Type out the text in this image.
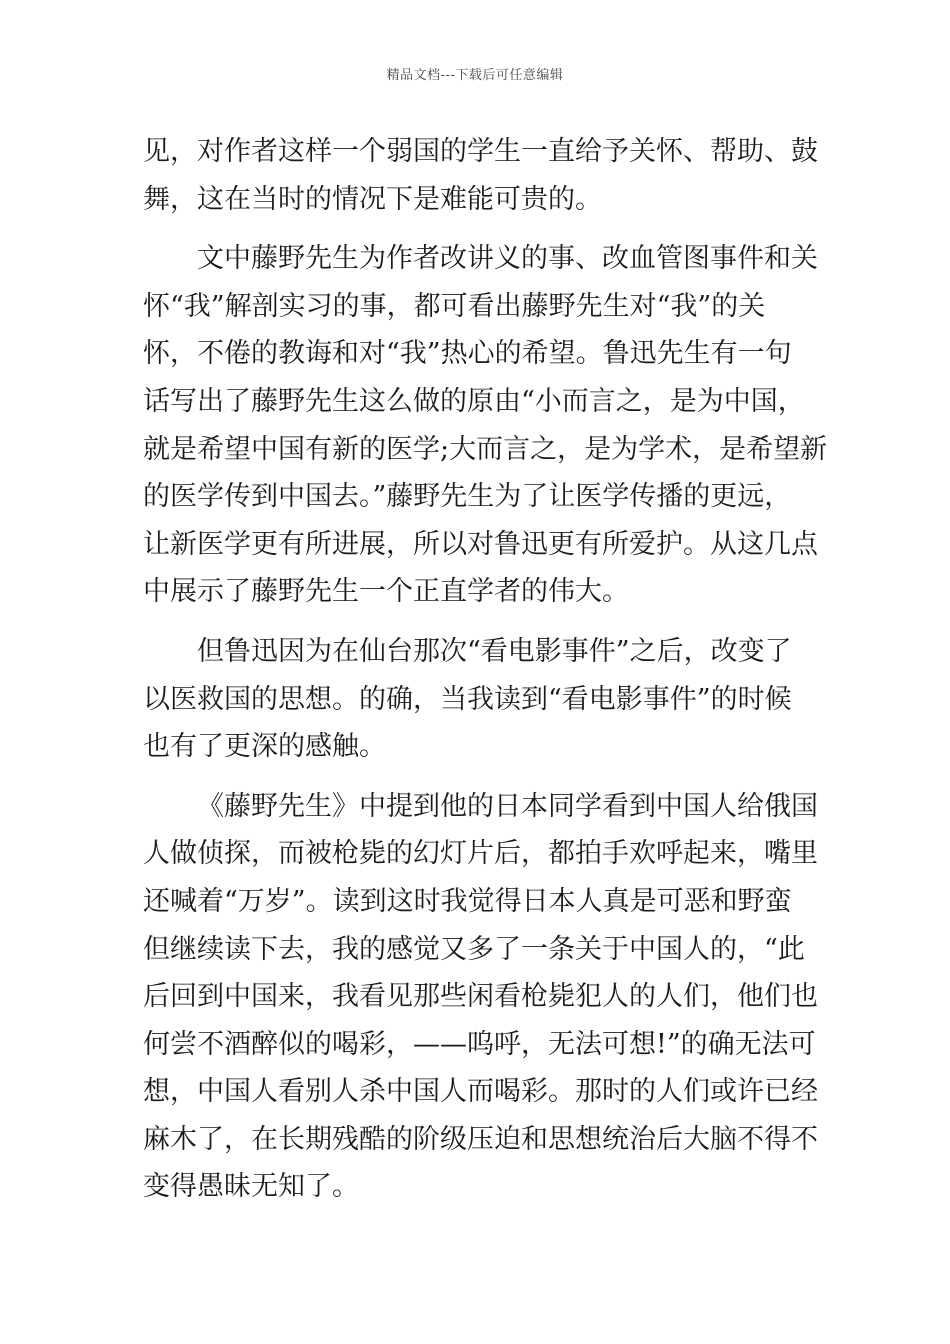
精品文档---下载后可任意编辑
见，对作者这样一个弱国的学生一直给予关怀、帮助、鼓
舞，这在当时的情况下是难能可贵的。
文中藤野先生为作者改讲义的事、改血管图事件和关
怀“我”解剖实习的事，都可看出藤野先生对“我”的关
怀，不倦的教诲和对“我”热心的希望。鲁迅先生有一句
话写出了藤野先生这么做的原由“小而言之，是为中国，
就是希望中国有新的医学;大而言之，是为学术，是希望新
的医学传到中国去。”藤野先生为了让医学传播的更远，
让新医学更有所进展，所以对鲁迅更有所爱护。从这几点
中展示了藤野先生一个正直学者的伟大。
但鲁迅因为在仙台那次“看电影事件”之后，改变了
以医救国的思想。的确，当我读到“看电影事件”的时候
也有了更深的感触。
《藤野先生》中提到他的日本同学看到中国人给俄国
人做侦探，而被枪毙的幻灯片后，都拍手欢呼起来，嘴里
还喊着“万岁”。读到这时我觉得日本人真是可恶和野蛮
但继续读下去，我的感觉又多了一条关于中国人的，“此
后回到中国来，我看见那些闲看枪毙犯人的人们，他们也
何尝不酒醉似的喝彩，——呜呼，无法可想!”的确无法可
想，中国人看别人杀中国人而喝彩。那时的人们或许已经
麻木了，在长期残酷的阶级压迫和思想统治后大脑不得不
变得愚昧无知了。
